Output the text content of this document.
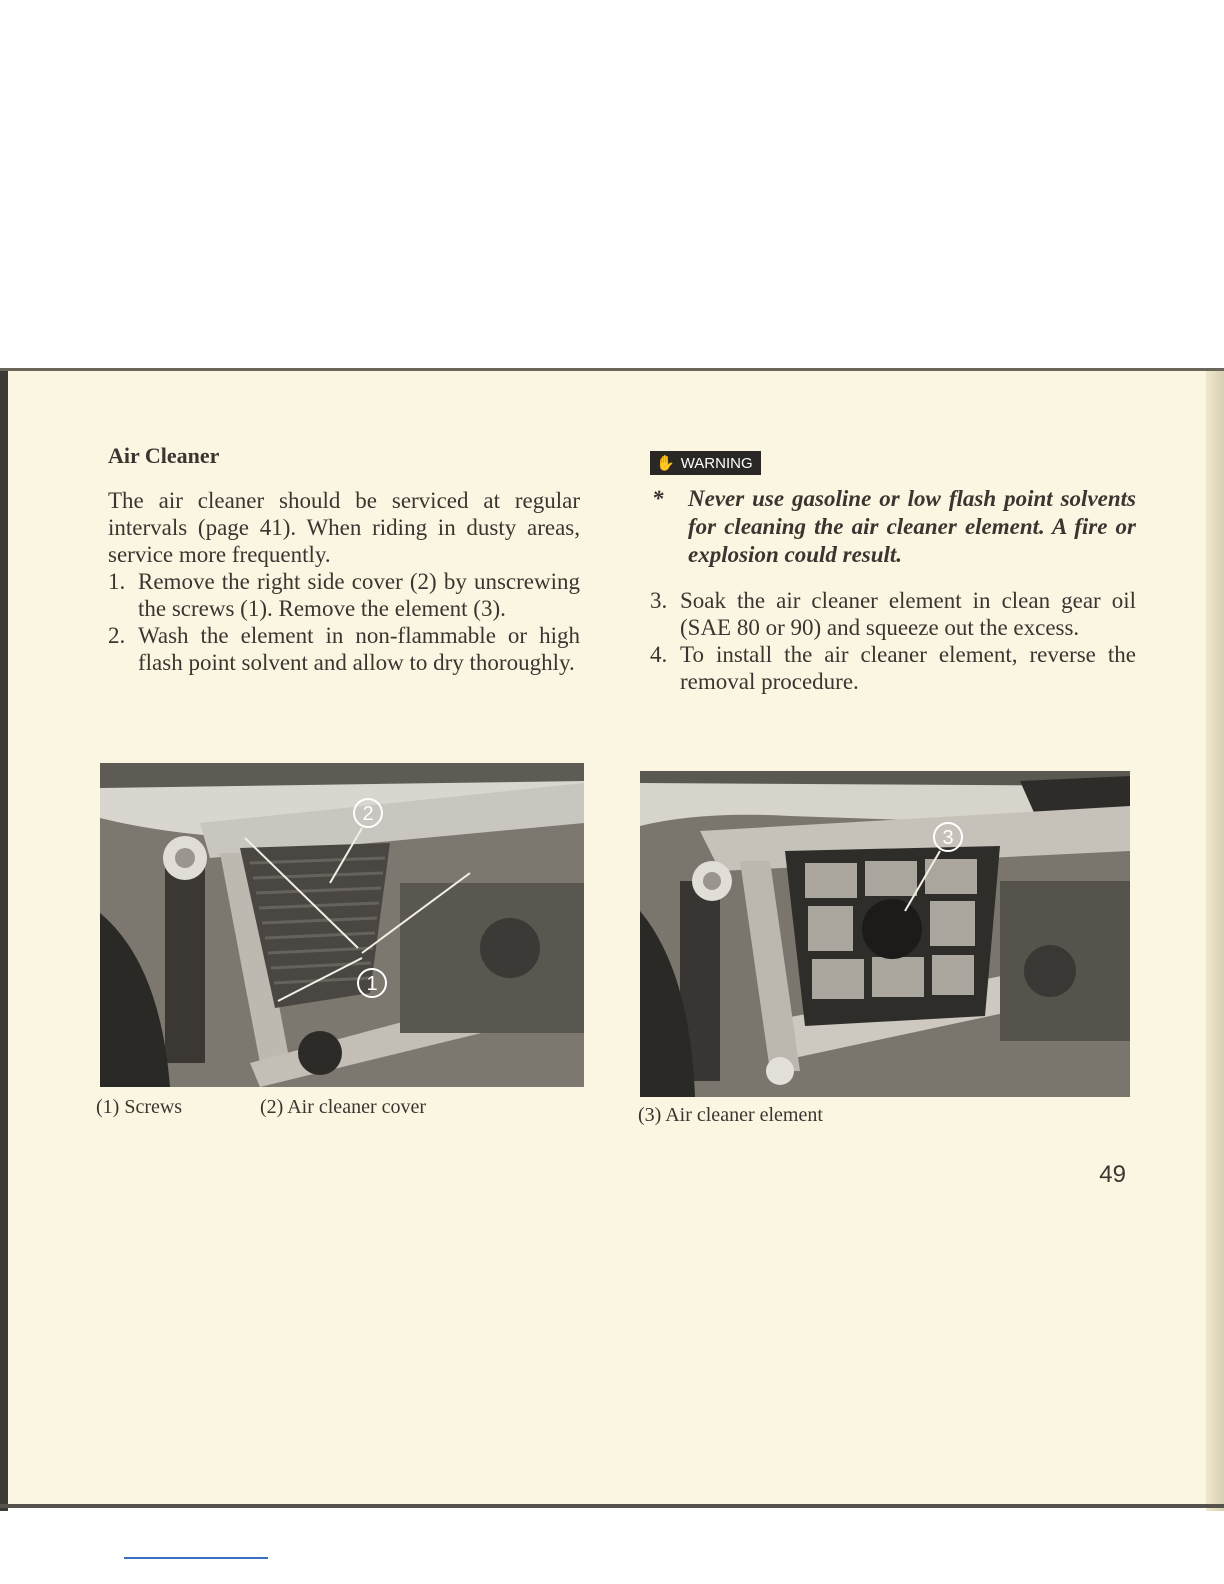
Air Cleaner

The air cleaner should be serviced at regular intervals (page 41). When riding in dusty areas, service more frequently.

1. Remove the right side cover (2) by unscrewing the screws (1). Remove the element (3).
2. Wash the element in non-flammable or high flash point solvent and allow to dry thoroughly.
2
1
(1) Screws	(2) Air cleaner cover
✋ WARNING
*	Never use gasoline or low flash point solvents for cleaning the air cleaner element. A fire or explosion could result.
3. Soak the air cleaner element in clean gear oil (SAE 80 or 90) and squeeze out the excess.
4. To install the air cleaner element, reverse the removal procedure.
3
(3) Air cleaner element
49
